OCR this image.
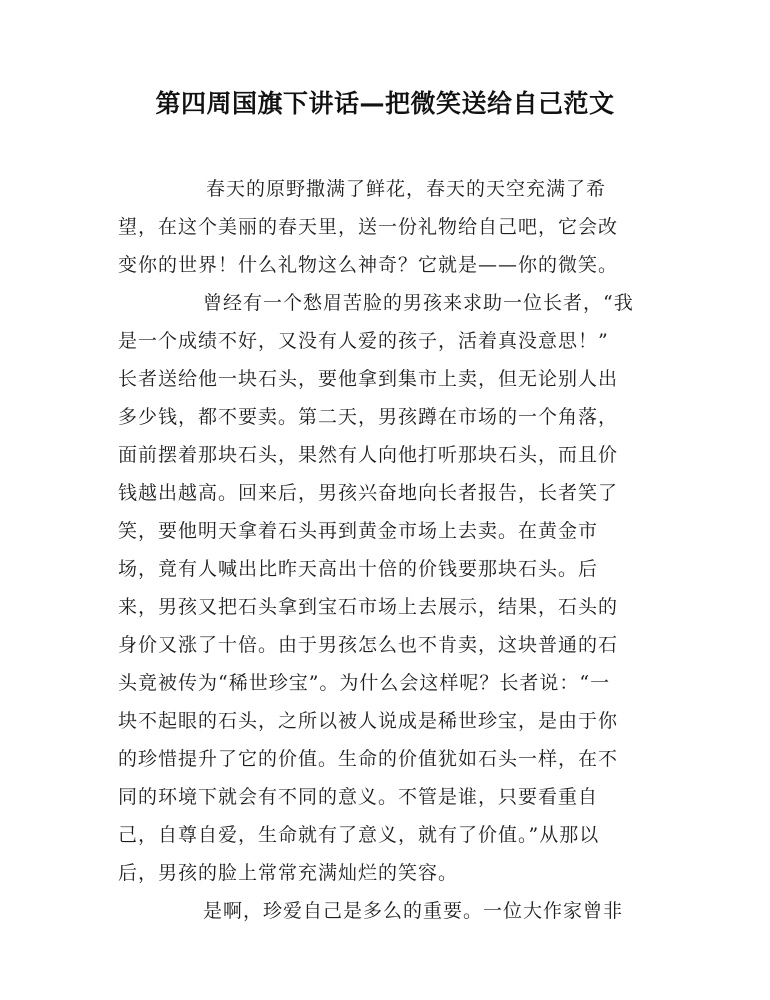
第四周国旗下讲话—把微笑送给自己范文
春天的原野撒满了鲜花，春天的天空充满了希
望，在这个美丽的春天里，送一份礼物给自己吧，它会改
变你的世界！什么礼物这么神奇？它就是——你的微笑。
曾经有一个愁眉苦脸的男孩来求助一位长者，“我
是一个成绩不好，又没有人爱的孩子，活着真没意思！”
长者送给他一块石头，要他拿到集市上卖，但无论别人出
多少钱，都不要卖。第二天，男孩蹲在市场的一个角落，
面前摆着那块石头，果然有人向他打听那块石头，而且价
钱越出越高。回来后，男孩兴奋地向长者报告，长者笑了
笑，要他明天拿着石头再到黄金市场上去卖。在黄金市
场，竟有人喊出比昨天高出十倍的价钱要那块石头。后
来，男孩又把石头拿到宝石市场上去展示，结果，石头的
身价又涨了十倍。由于男孩怎么也不肯卖，这块普通的石
头竟被传为“稀世珍宝”。为什么会这样呢？长者说：“一
块不起眼的石头，之所以被人说成是稀世珍宝，是由于你
的珍惜提升了它的价值。生命的价值犹如石头一样，在不
同的环境下就会有不同的意义。不管是谁，只要看重自
己，自尊自爱，生命就有了意义，就有了价值。”从那以
后，男孩的脸上常常充满灿烂的笑容。
是啊，珍爱自己是多么的重要。一位大作家曾非
